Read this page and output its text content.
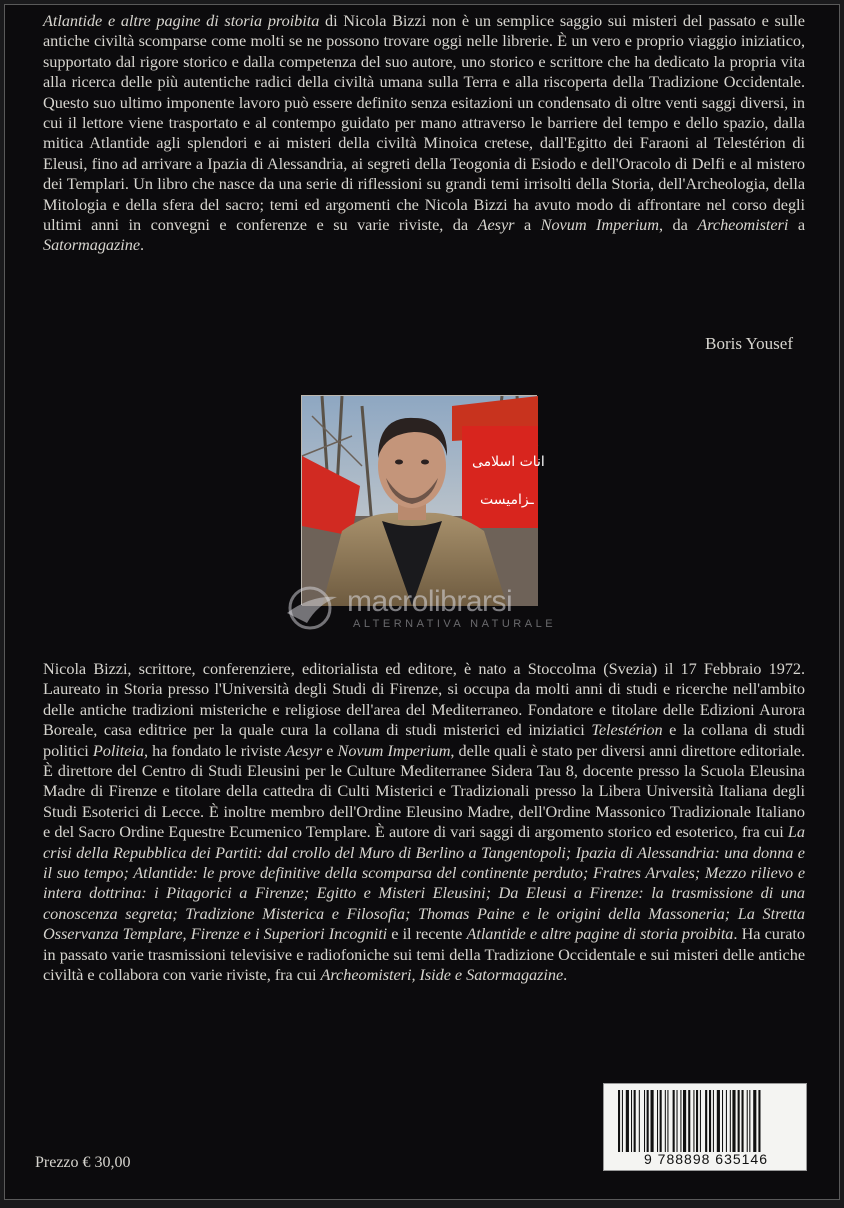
Atlantide e altre pagine di storia proibita di Nicola Bizzi non è un semplice saggio sui misteri del passato e sulle antiche civiltà scomparse come molti se ne possono trovare oggi nelle librerie. È un vero e proprio viaggio iniziatico, supportato dal rigore storico e dalla competenza del suo autore, uno storico e scrittore che ha dedicato la propria vita alla ricerca delle più autentiche radici della civiltà umana sulla Terra e alla riscoperta della Tradizione Occidentale. Questo suo ultimo imponente lavoro può essere definito senza esitazioni un condensato di oltre venti saggi diversi, in cui il lettore viene trasportato e al contempo guidato per mano attraverso le barriere del tempo e dello spazio, dalla mitica Atlantide agli splendori e ai misteri della civiltà Minoica cretese, dall'Egitto dei Faraoni al Telestérion di Eleusi, fino ad arrivare a Ipazia di Alessandria, ai segreti della Teogonia di Esiodo e dell'Oracolo di Delfi e al mistero dei Templari. Un libro che nasce da una serie di riflessioni su grandi temi irrisolti della Storia, dell'Archeologia, della Mitologia e della sfera del sacro; temi ed argomenti che Nicola Bizzi ha avuto modo di affrontare nel corso degli ultimi anni in convegni e conferenze e su varie riviste, da Aesyr a Novum Imperium, da Archeomisteri a Satormagazine.

Boris Yousef
انات اسلامی
ـزامیست
macrolibrarsi
ALTERNATIVA NATURALE

Nicola Bizzi, scrittore, conferenziere, editorialista ed editore, è nato a Stoccolma (Svezia) il 17 Febbraio 1972. Laureato in Storia presso l'Università degli Studi di Firenze, si occupa da molti anni di studi e ricerche nell'ambito delle antiche tradizioni misteriche e religiose dell'area del Mediterraneo. Fondatore e titolare delle Edizioni Aurora Boreale, casa editrice per la quale cura la collana di studi misterici ed iniziatici Telestérion e la collana di studi politici Politeia, ha fondato le riviste Aesyr e Novum Imperium, delle quali è stato per diversi anni direttore editoriale. È direttore del Centro di Studi Eleusini per le Culture Mediterranee Sidera Tau 8, docente presso la Scuola Eleusina Madre di Firenze e titolare della cattedra di Culti Misterici e Tradizionali presso la Libera Università Italiana degli Studi Esoterici di Lecce. È inoltre membro dell'Ordine Eleusino Madre, dell'Ordine Massonico Tradizionale Italiano e del Sacro Ordine Equestre Ecumenico Templare. È autore di vari saggi di argomento storico ed esoterico, fra cui La crisi della Repubblica dei Partiti: dal crollo del Muro di Berlino a Tangentopoli; Ipazia di Alessandria: una donna e il suo tempo; Atlantide: le prove definitive della scomparsa del continente perduto; Fratres Arvales; Mezzo rilievo e intera dottrina: i Pitagorici a Firenze; Egitto e Misteri Eleusini; Da Eleusi a Firenze: la trasmissione di una conoscenza segreta; Tradizione Misterica e Filosofia; Thomas Paine e le origini della Massoneria; La Stretta Osservanza Templare, Firenze e i Superiori Incogniti e il recente Atlantide e altre pagine di storia proibita. Ha curato in passato varie trasmissioni televisive e radiofoniche sui temi della Tradizione Occidentale e sui misteri delle antiche civiltà e collabora con varie riviste, fra cui Archeomisteri, Iside e Satormagazine.

Prezzo € 30,00	9 788898 635146
